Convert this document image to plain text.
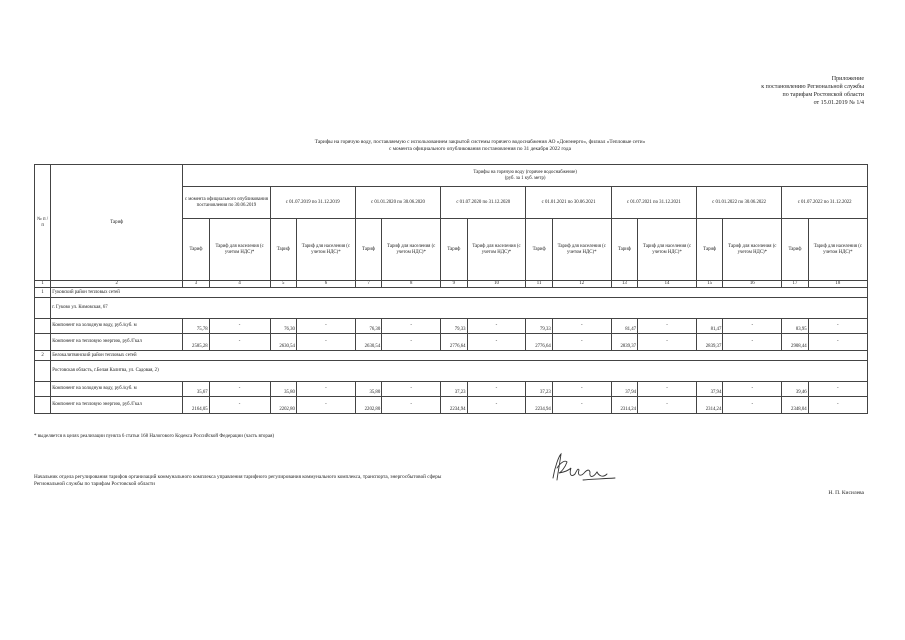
Приложение
к постановлению Региональной службы
по тарифам Ростовской области
от 15.01.2019 № 1/4
Тарифы на горячую воду, поставляемую с использованием закрытой системы горячего водоснабжения АО «Донэнерго», филиал «Тепловые сети»
с момента официального опубликования постановления по 31 декабря 2022 года
№ п /п	Тариф	Тарифы на горячую воду (горячее водоснабжение)
(руб. за 1 куб. метр)															

		с момента официального опубликования постановления по 30.06.2019		с 01.07.2019 по 31.12.2019		с 01.01.2020 по 30.06.2020		с 01.07.2020 по 31.12.2020		с 01.01.2021 по 30.06.2021		с 01.07.2021 по 31.12.2021		с 01.01.2022 по 30.06.2022		с 01.07.2022 по 31.12.2022	
		Тариф	Тариф для населения (с учетом НДС)*	Тариф	Тариф для населения (с учетом НДС)*	Тариф	Тариф для населения (с учетом НДС)*	Тариф	Тариф для населения (с учетом НДС)*	Тариф	Тариф для населения (с учетом НДС)*	Тариф	Тариф для населения (с учетом НДС)*	Тариф	Тариф для населения (с учетом НДС)*	Тариф	Тариф для населения (с учетом НДС)*
1	2	3	4	5	6	7	8	9	10	11	12	13	14	15	16	17	18
1	Гуковский район тепловых сетей																
	г. Гуково ул. Кимовская, 67																
	Компонент на холодную воду, руб./куб. м	75,78	-	76,30	-	76,30	-	79,33	-	79,33	-	81,47	-	81,47	-	83,95	-
	Компонент на тепловую энергию, руб./Гкал	2585,28	-	2630,54	-	2630,54	-	2776,64	-	2776,64	-	2839,37	-	2839,37	-	2908,44	-
2	Белокалитвинский район тепловых сетей																
	Ростовская область, г.Белая Калитва, ул. Садовая, 2)																
	Компонент на холодную воду, руб./куб. м	35,67	-	35,80	-	35,80	-	37,23	-	37,23	-	37,94	-	37,94	-	39,46	-
	Компонент на тепловую энергию, руб./Гкал	2164,05	-	2202,80	-	2202,80	-	2234,94	-	2234,94	-	2314,24	-	2314,24	-	2348,04	-
* выделяется в целях реализации пункта 6 статьи 168 Налогового Кодекса Российской Федерации (часть вторая)
Начальник отдела регулирования тарифов организаций коммунального комплекса управления тарифного регулирования коммунального комплекса, транспорта, энергосбытовой сферы Региональной службы по тарифам Ростовской области
Н. П. Кисилева
